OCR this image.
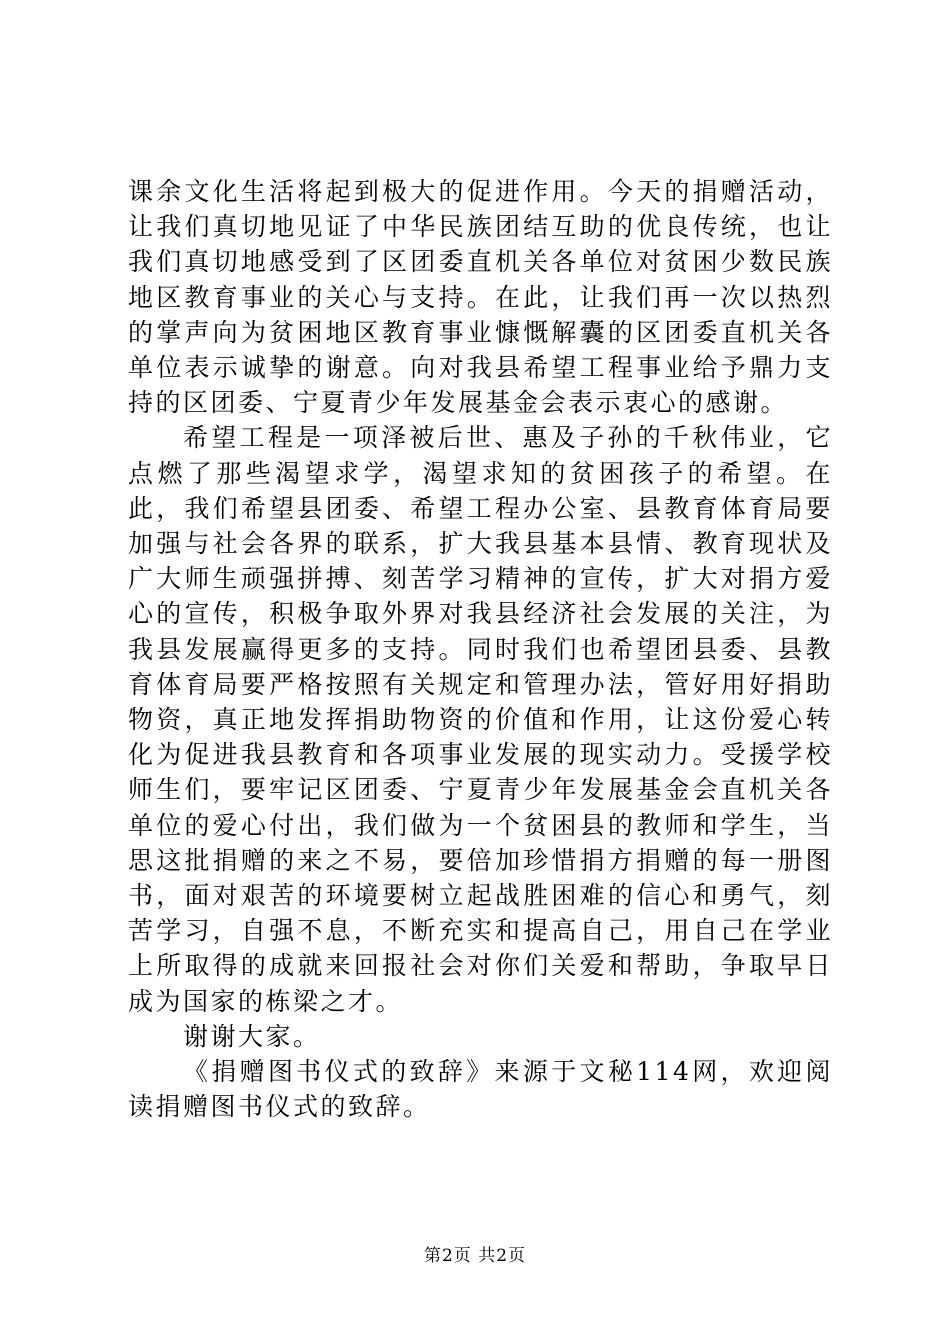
课余文化生活将起到极大的促进作用。今天的捐赠活动，让我们真切地见证了中华民族团结互助的优良传统，也让我们真切地感受到了区团委直机关各单位对贫困少数民族地区教育事业的关心与支持。在此，让我们再一次以热烈的掌声向为贫困地区教育事业慷慨解囊的区团委直机关各单位表示诚挚的谢意。向对我县希望工程事业给予鼎力支持的区团委、宁夏青少年发展基金会表示衷心的感谢。

希望工程是一项泽被后世、惠及子孙的千秋伟业，它点燃了那些渴望求学，渴望求知的贫困孩子的希望。在此，我们希望县团委、希望工程办公室、县教育体育局要加强与社会各界的联系，扩大我县基本县情、教育现状及广大师生顽强拼搏、刻苦学习精神的宣传，扩大对捐方爱心的宣传，积极争取外界对我县经济社会发展的关注，为我县发展赢得更多的支持。同时我们也希望团县委、县教育体育局要严格按照有关规定和管理办法，管好用好捐助物资，真正地发挥捐助物资的价值和作用，让这份爱心转化为促进我县教育和各项事业发展的现实动力。受援学校师生们，要牢记区团委、宁夏青少年发展基金会直机关各单位的爱心付出，我们做为一个贫困县的教师和学生，当思这批捐赠的来之不易，要倍加珍惜捐方捐赠的每一册图书，面对艰苦的环境要树立起战胜困难的信心和勇气，刻苦学习，自强不息，不断充实和提高自己，用自己在学业上所取得的成就来回报社会对你们关爱和帮助，争取早日成为国家的栋梁之才。

谢谢大家。

《捐赠图书仪式的致辞》来源于文秘114网，欢迎阅读捐赠图书仪式的致辞。

第2页 共2页
